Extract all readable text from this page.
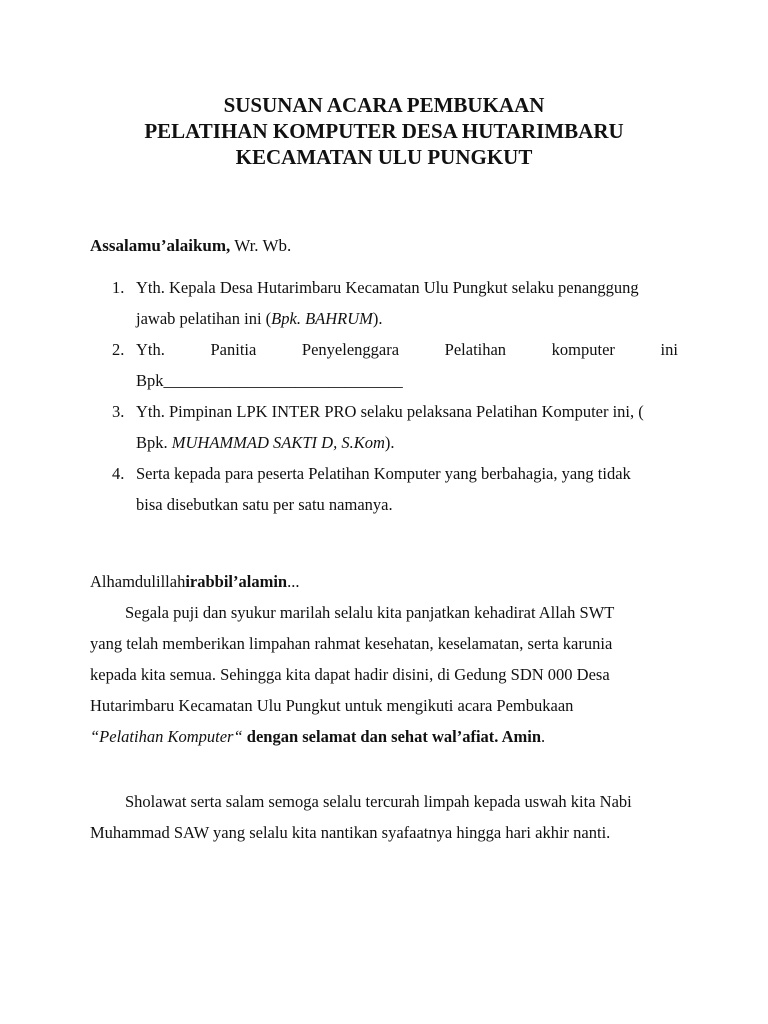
SUSUNAN ACARA PEMBUKAAN
PELATIHAN KOMPUTER DESA HUTARIMBARU
KECAMATAN ULU PUNGKUT
Assalamu’alaikum, Wr. Wb.
1. Yth. Kepala Desa Hutarimbaru Kecamatan Ulu Pungkut selaku penanggung
jawab pelatihan ini (Bpk. BAHRUM).
2. Yth.	Panitia	Penyelenggara	Pelatihan	komputer	ini
Bpk_____________________________
3. Yth. Pimpinan LPK INTER PRO selaku pelaksana Pelatihan Komputer ini, (
Bpk. MUHAMMAD SAKTI D, S.Kom).
4. Serta kepada para peserta Pelatihan Komputer yang berbahagia, yang tidak
bisa disebutkan satu per satu namanya.
Alhamdulillahirabbil’alamin...
Segala puji dan syukur marilah selalu kita panjatkan kehadirat Allah SWT
yang telah memberikan limpahan rahmat kesehatan, keselamatan, serta karunia
kepada kita semua. Sehingga kita dapat hadir disini, di Gedung SDN 000 Desa
Hutarimbaru Kecamatan Ulu Pungkut untuk mengikuti acara Pembukaan
“Pelatihan Komputer“ dengan selamat dan sehat wal’afiat. Amin.
Sholawat serta salam semoga selalu tercurah limpah kepada uswah kita Nabi
Muhammad SAW yang selalu kita nantikan syafaatnya hingga hari akhir nanti.
